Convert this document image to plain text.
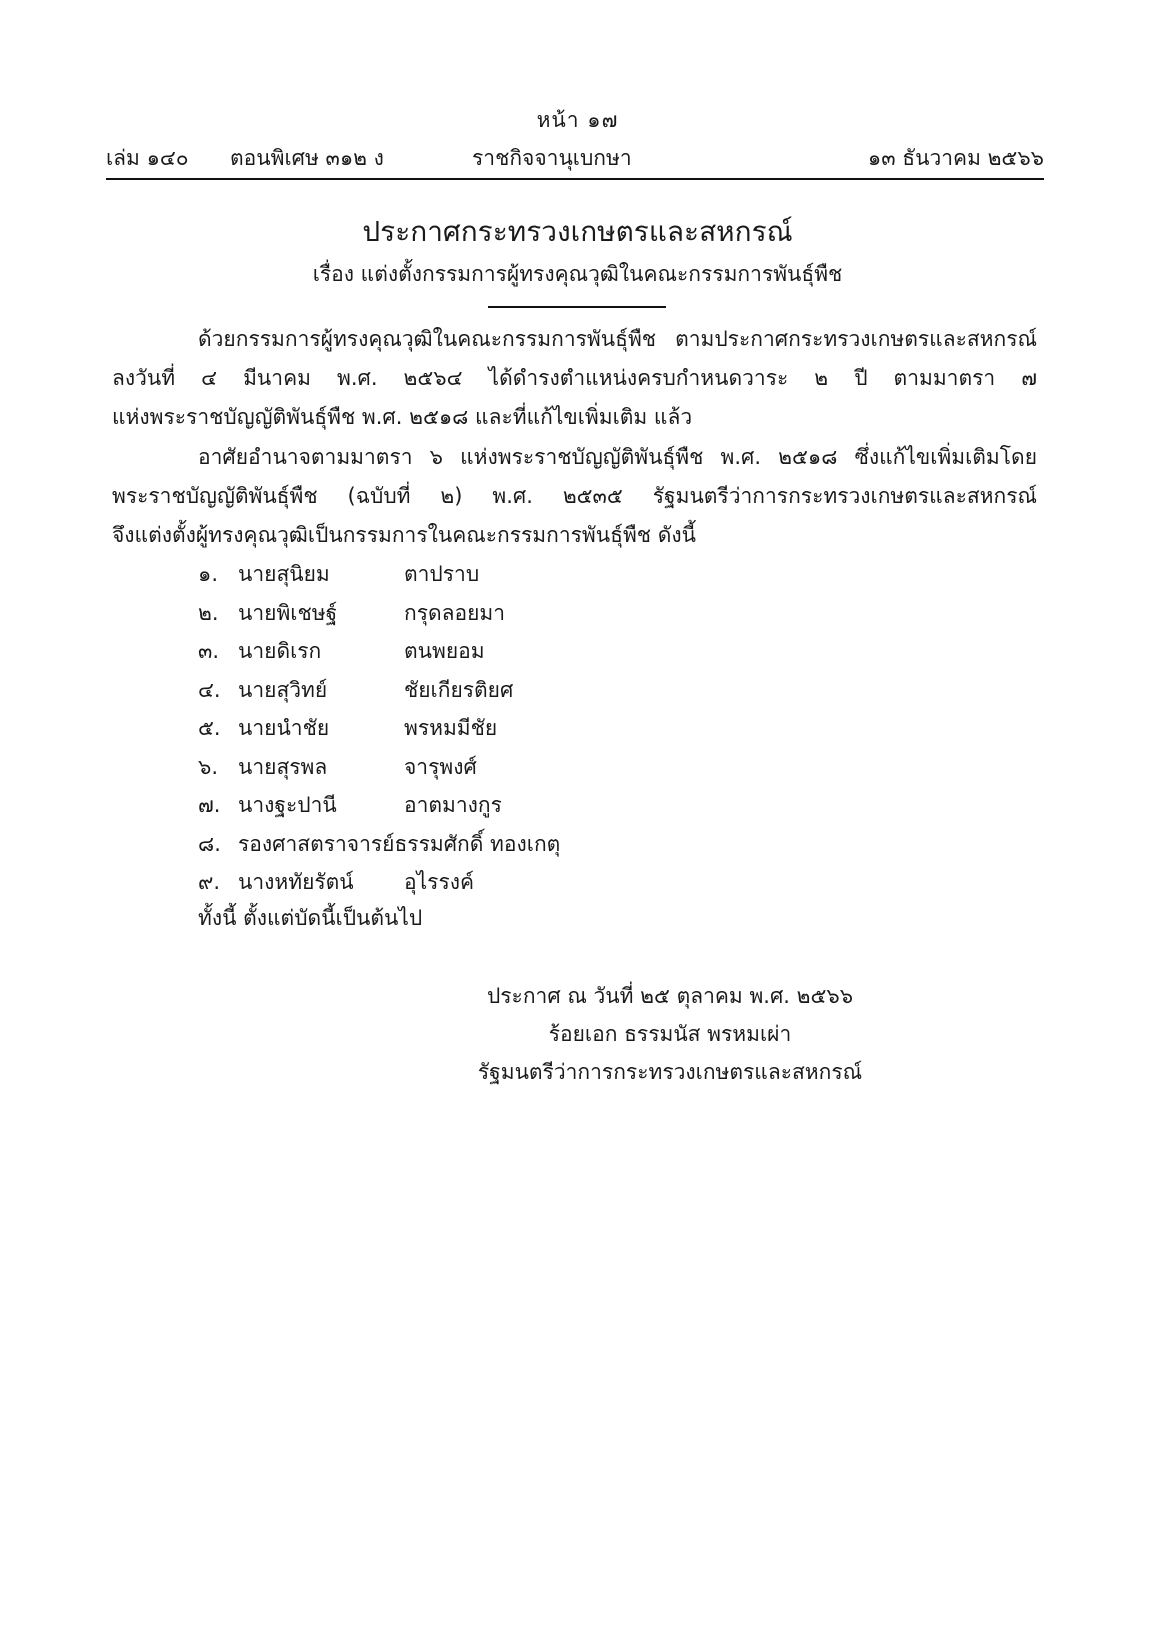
หน้า ๑๗
เล่ม ๑๔๐ ตอนพิเศษ ๓๑๒ ง	ราชกิจจานุเบกษา	๑๓ ธันวาคม ๒๕๖๖
ประกาศกระทรวงเกษตรและสหกรณ์
เรื่อง แต่งตั้งกรรมการผู้ทรงคุณวุฒิในคณะกรรมการพันธุ์พืช
ด้วยกรรมการผู้ทรงคุณวุฒิในคณะกรรมการพันธุ์พืช ตามประกาศกระทรวงเกษตรและสหกรณ์
ลงวันที่ ๔ มีนาคม พ.ศ. ๒๕๖๔ ได้ดำรงตำแหน่งครบกำหนดวาระ ๒ ปี ตามมาตรา ๗
แห่งพระราชบัญญัติพันธุ์พืช พ.ศ. ๒๕๑๘ และที่แก้ไขเพิ่มเติม แล้ว
อาศัยอำนาจตามมาตรา ๖ แห่งพระราชบัญญัติพันธุ์พืช พ.ศ. ๒๕๑๘ ซึ่งแก้ไขเพิ่มเติมโดย
พระราชบัญญัติพันธุ์พืช (ฉบับที่ ๒) พ.ศ. ๒๕๓๕ รัฐมนตรีว่าการกระทรวงเกษตรและสหกรณ์
จึงแต่งตั้งผู้ทรงคุณวุฒิเป็นกรรมการในคณะกรรมการพันธุ์พืช ดังนี้
๑. นายสุนิยม	ตาปราบ
๒. นายพิเชษฐ์	กรุดลอยมา
๓. นายดิเรก	ตนพยอม
๔. นายสุวิทย์	ชัยเกียรติยศ
๕. นายนำชัย	พรหมมีชัย
๖. นายสุรพล	จารุพงศ์
๗. นางฐะปานี	อาตมางกูร
๘. รองศาสตราจารย์ธรรมศักดิ์ ทองเกตุ
๙. นางหทัยรัตน์ อุไรรงค์
ทั้งนี้ ตั้งแต่บัดนี้เป็นต้นไป
ประกาศ ณ วันที่ ๒๕ ตุลาคม พ.ศ. ๒๕๖๖
ร้อยเอก ธรรมนัส พรหมเผ่า
รัฐมนตรีว่าการกระทรวงเกษตรและสหกรณ์
